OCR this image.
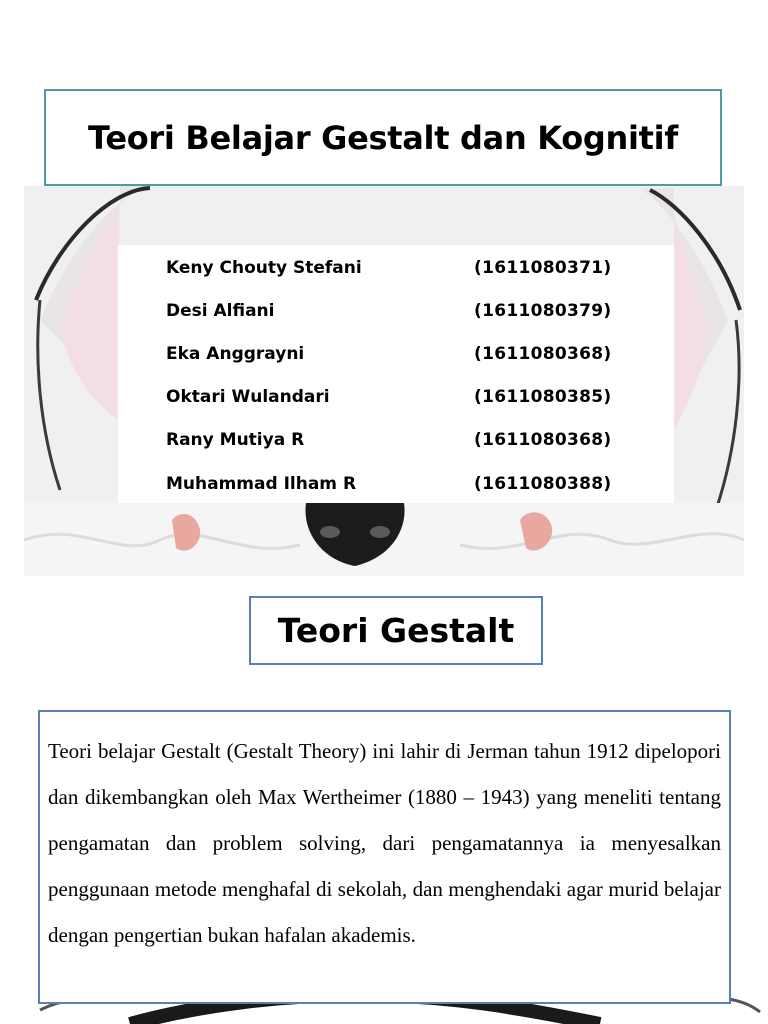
Teori Belajar Gestalt dan Kognitif
Keny Chouty Stefani	(1611080371)
Desi Alfiani	(1611080379)
Eka Anggrayni	(1611080368)
Oktari Wulandari	(1611080385)
Rany Mutiya R	(1611080368)
Muhammad Ilham R	(1611080388)
Teori Gestalt

Teori belajar Gestalt (Gestalt Theory) ini lahir di Jerman tahun 1912 dipelopori dan dikembangkan oleh Max Wertheimer (1880 – 1943) yang meneliti tentang pengamatan dan problem solving, dari pengamatannya ia menyesalkan penggunaan metode menghafal di sekolah, dan menghendaki agar murid belajar dengan pengertian bukan hafalan akademis.
